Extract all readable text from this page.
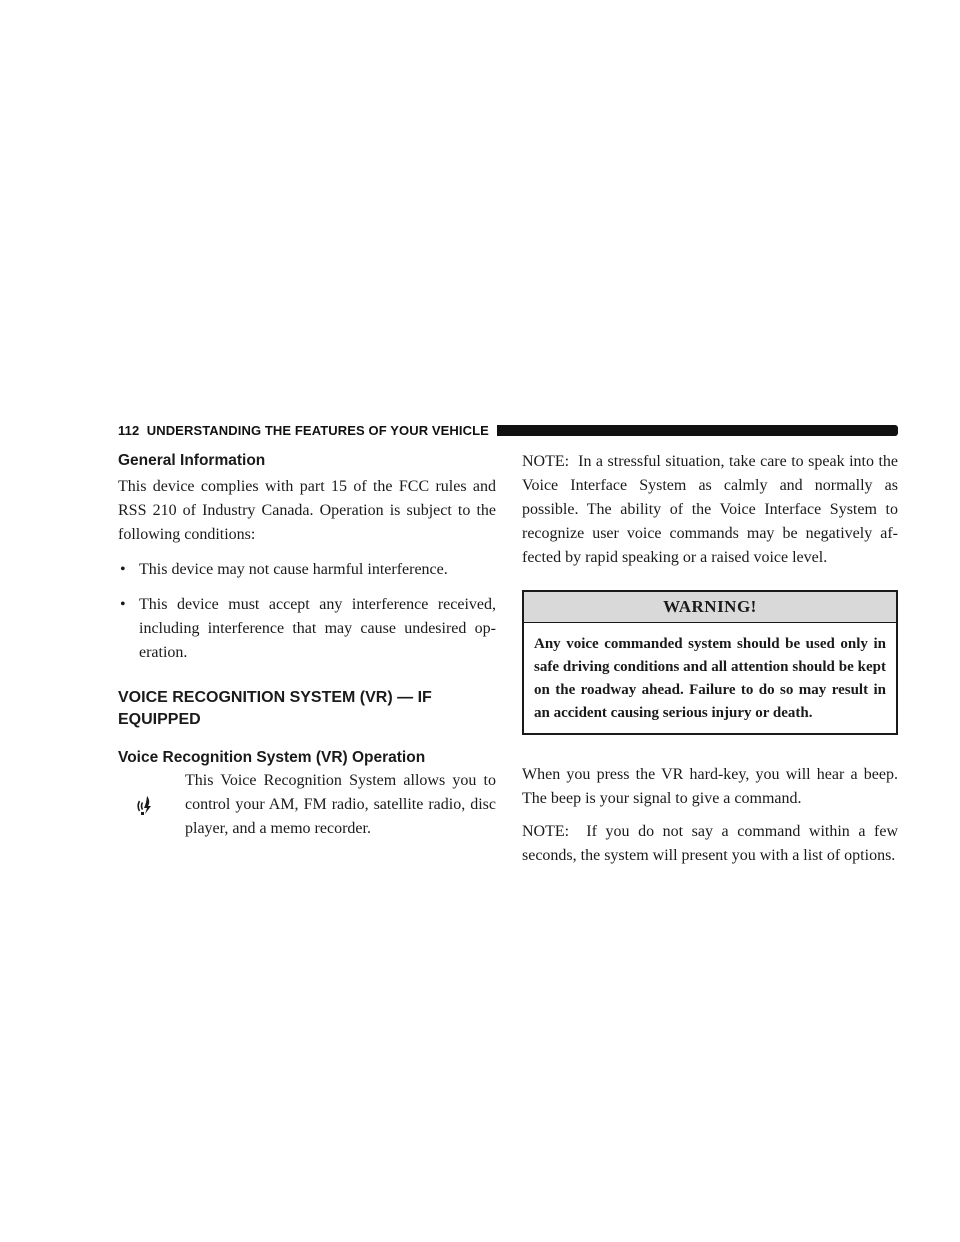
112 UNDERSTANDING THE FEATURES OF YOUR VEHICLE
General Information

This device complies with part 15 of the FCC rules and RSS 210 of Industry Canada. Operation is subject to the following conditions:

• This device may not cause harmful interference.
• This device must accept any interference received, including interference that may cause undesired op- eration.
VOICE RECOGNITION SYSTEM (VR) — IF EQUIPPED
Voice Recognition System (VR) Operation

This Voice Recognition System allows you to control your AM, FM radio, satellite radio, disc player, and a memo recorder.

NOTE: In a stressful situation, take care to speak into the Voice Interface System as calmly and normally as possible. The ability of the Voice Interface System to recognize user voice commands may be negatively af- fected by rapid speaking or a raised voice level.

WARNING!
Any voice commanded system should be used only in safe driving conditions and all attention should be kept on the roadway ahead. Failure to do so may result in an accident causing serious injury or death.

When you press the VR hard-key, you will hear a beep. The beep is your signal to give a command.

NOTE: If you do not say a command within a few seconds, the system will present you with a list of options.
